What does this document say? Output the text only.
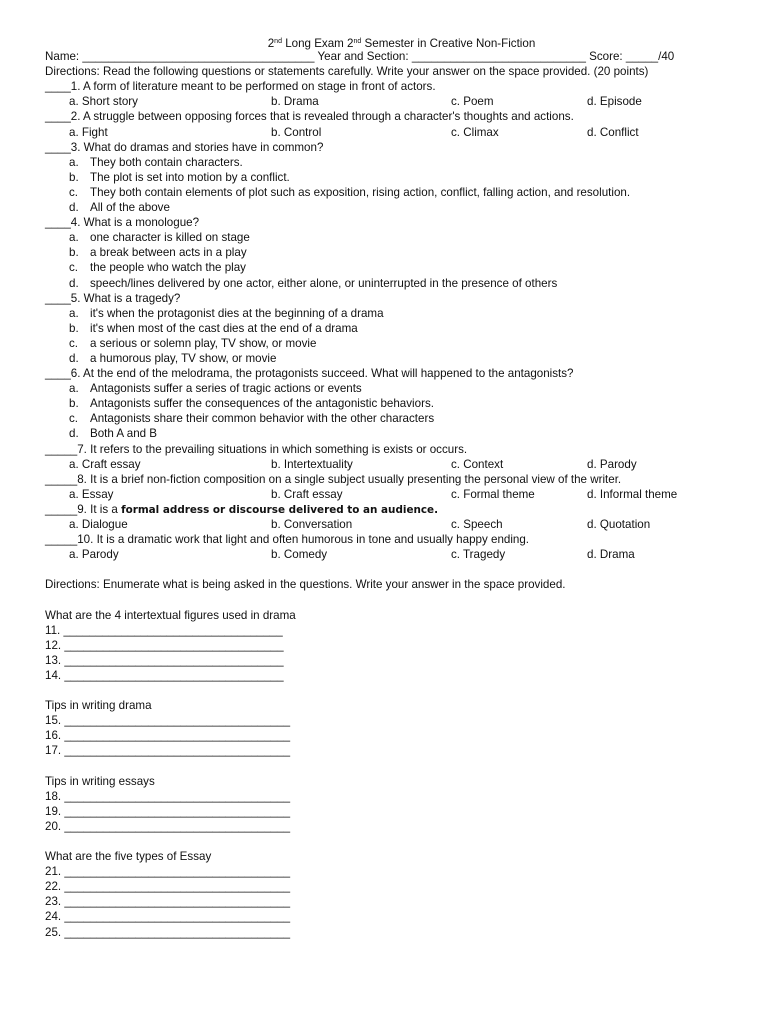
2nd Long Exam 2nd Semester in Creative Non-Fiction
Name: ____________________________________ Year and Section: ___________________________ Score: _____/40
Directions: Read the following questions or statements carefully. Write your answer on the space provided. (20 points)
____1. A form of literature meant to be performed on stage in front of actors.
a. Short story	b. Drama	c. Poem	d. Episode
____2. A struggle between opposing forces that is revealed through a character's thoughts and actions.
a. Fight	b. Control	c. Climax	d. Conflict
____3. What do dramas and stories have in common?
a. They both contain characters.
b. The plot is set into motion by a conflict.
c.	They both contain elements of plot such as exposition, rising action, conflict, falling action, and resolution.
d. All of the above
____4. What is a monologue?
a. one character is killed on stage
b. a break between acts in a play
c.	the people who watch the play
d. speech/lines delivered by one actor, either alone, or uninterrupted in the presence of others
____5. What is a tragedy?
a. it's when the protagonist dies at the beginning of a drama
b. it's when most of the cast dies at the end of a drama
c.	a serious or solemn play, TV show, or movie
d. a humorous play, TV show, or movie
____6. At the end of the melodrama, the protagonists succeed. What will happened to the antagonists?
a. Antagonists suffer a series of tragic actions or events
b. Antagonists suffer the consequences of the antagonistic behaviors.
c.	Antagonists share their common behavior with the other characters
d. Both A and B
_____7. It refers to the prevailing situations in which something is exists or occurs.
a. Craft essay	b. Intertextuality	c. Context	d. Parody
_____8. It is a brief non-fiction composition on a single subject usually presenting the personal view of the writer.
a. Essay	b. Craft essay	c. Formal theme	d. Informal theme
_____9. It is a formal address or discourse delivered to an audience.
a. Dialogue	b. Conversation	c. Speech	d. Quotation
_____10. It is a dramatic work that light and often humorous in tone and usually happy ending.
a. Parody	b. Comedy	c. Tragedy	d. Drama
Directions: Enumerate what is being asked in the questions. Write your answer in the space provided.
What are the 4 intertextual figures used in drama
11. __________________________________
12. __________________________________
13. __________________________________
14. __________________________________
Tips in writing drama
15. ___________________________________
16. ___________________________________
17. ___________________________________
Tips in writing essays
18. ___________________________________
19. ___________________________________
20. ___________________________________
What are the five types of Essay
21. ___________________________________
22. ___________________________________
23. ___________________________________
24. ___________________________________
25. ___________________________________
